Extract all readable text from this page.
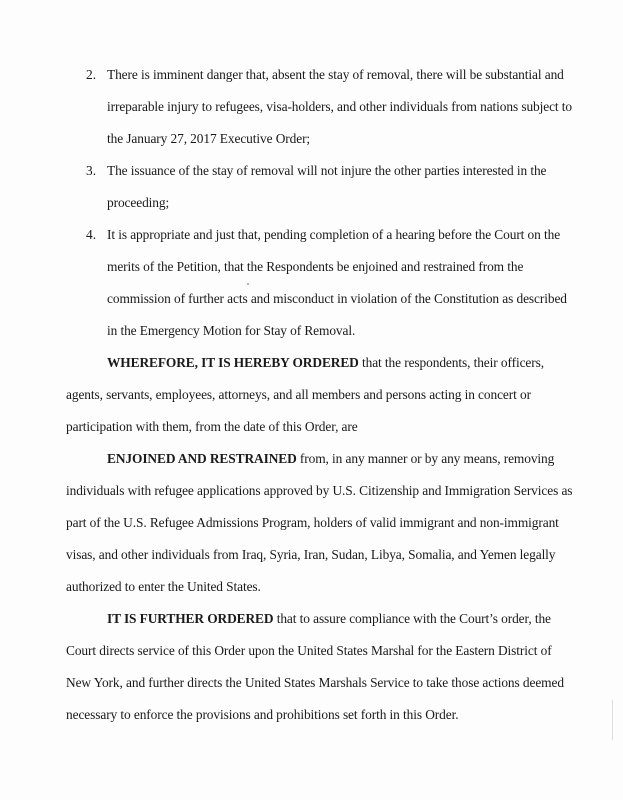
2. There is imminent danger that, absent the stay of removal, there will be substantial and
irreparable injury to refugees, visa-holders, and other individuals from nations subject to
the January 27, 2017 Executive Order;
3. The issuance of the stay of removal will not injure the other parties interested in the
proceeding;
4. It is appropriate and just that, pending completion of a hearing before the Court on the
merits of the Petition, that the Respondents be enjoined and restrained from the
commission of further acts and misconduct in violation of the Constitution as described
in the Emergency Motion for Stay of Removal.
WHEREFORE, IT IS HEREBY ORDERED that the respondents, their officers,
agents, servants, employees, attorneys, and all members and persons acting in concert or
participation with them, from the date of this Order, are
ENJOINED AND RESTRAINED from, in any manner or by any means, removing
individuals with refugee applications approved by U.S. Citizenship and Immigration Services as
part of the U.S. Refugee Admissions Program, holders of valid immigrant and non-immigrant
visas, and other individuals from Iraq, Syria, Iran, Sudan, Libya, Somalia, and Yemen legally
authorized to enter the United States.
IT IS FURTHER ORDERED that to assure compliance with the Court’s order, the
Court directs service of this Order upon the United States Marshal for the Eastern District of
New York, and further directs the United States Marshals Service to take those actions deemed
necessary to enforce the provisions and prohibitions set forth in this Order.
